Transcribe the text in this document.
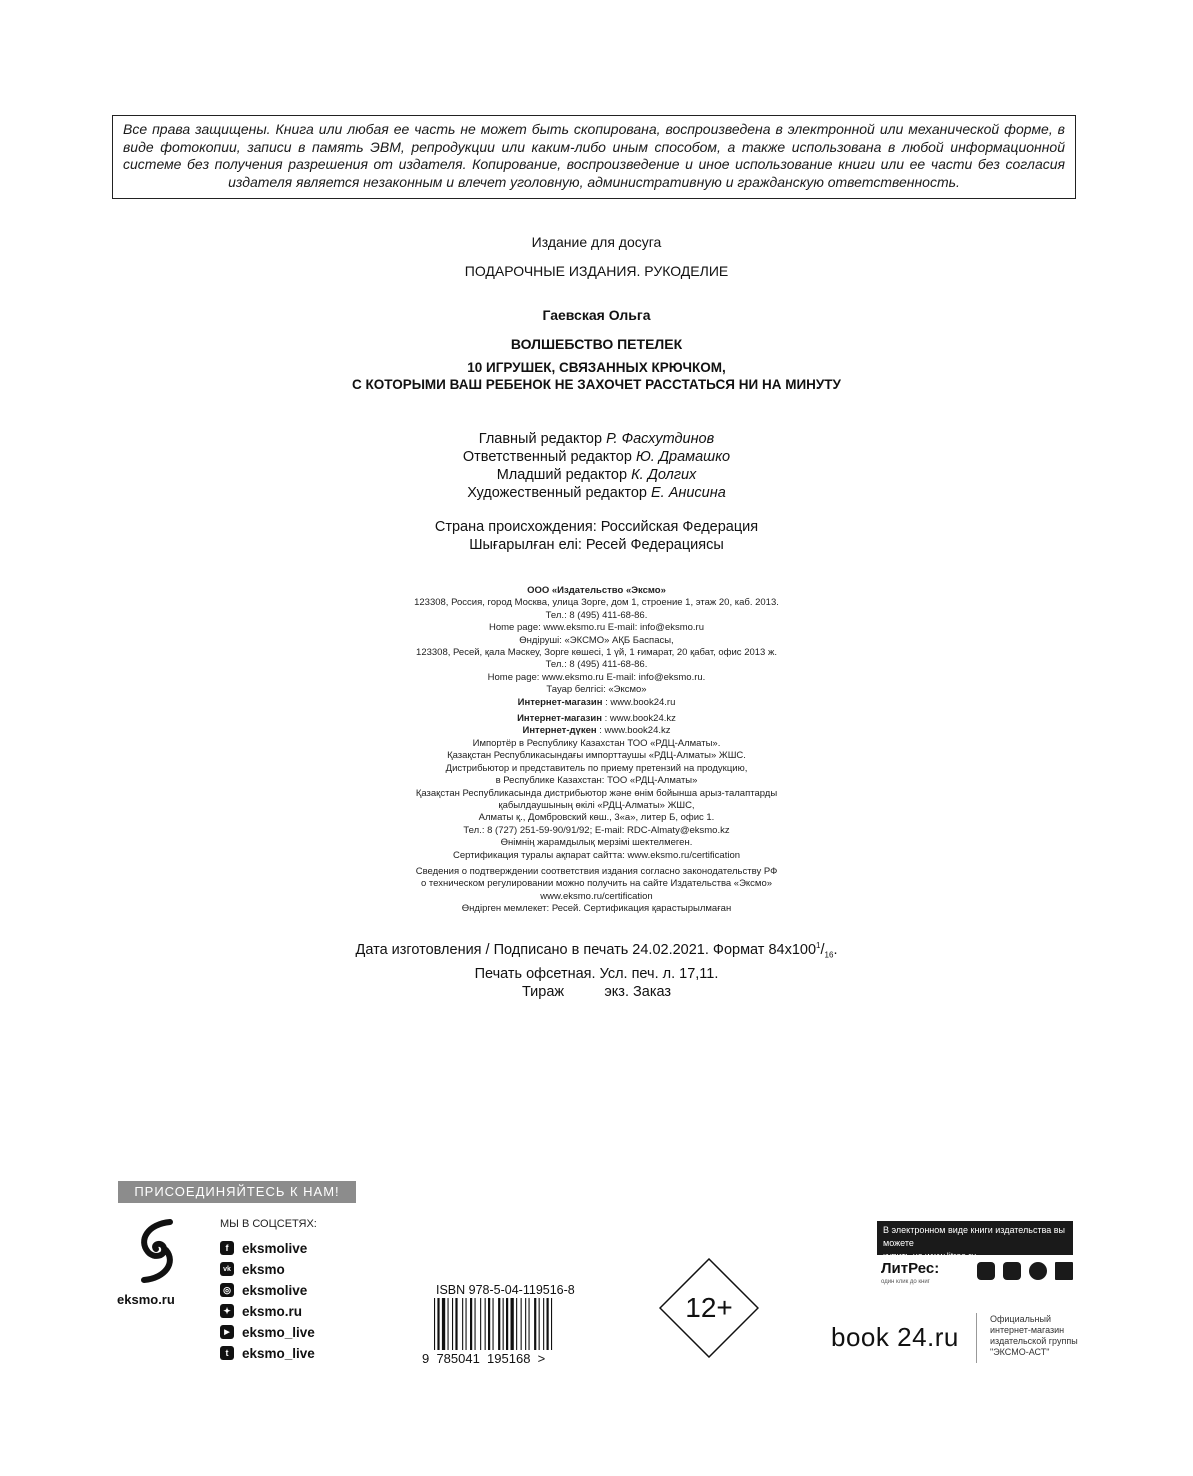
Все права защищены. Книга или любая ее часть не может быть скопирована, воспроизведена в электронной или механической форме, в виде фотокопии, записи в память ЭВМ, репродукции или каким-либо иным способом, а также использована в любой информационной системе без получения разрешения от издателя. Копирование, воспроизведение и иное использование книги или ее части без согласия издателя является незаконным и влечет уголовную, административную и гражданскую ответственность.

Издание для досуга
ПОДАРОЧНЫЕ ИЗДАНИЯ. РУКОДЕЛИЕ
Гаевская Ольга
ВОЛШЕБСТВО ПЕТЕЛЕК
10 ИГРУШЕК, СВЯЗАННЫХ КРЮЧКОМ,
С КОТОРЫМИ ВАШ РЕБЕНОК НЕ ЗАХОЧЕТ РАССТАТЬСЯ НИ НА МИНУТУ
Главный редактор Р. Фасхутдинов
Ответственный редактор Ю. Драмашко
Младший редактор К. Долгих
Художественный редактор Е. Анисина
Страна происхождения: Российская Федерация
Шығарылған елі: Ресей Федерациясы
ООО «Издательство «Эксмо»
123308, Россия, город Москва, улица Зорге, дом 1, строение 1, этаж 20, каб. 2013.
Тел.: 8 (495) 411-68-86.
Home page: www.eksmo.ru E-mail: info@eksmo.ru
Өндіруші: «ЭКСМО» АҚБ Баспасы,
123308, Ресей, қала Мәскеу, Зорге көшесі, 1 үй, 1 ғимарат, 20 қабат, офис 2013 ж.
Тел.: 8 (495) 411-68-86.
Home page: www.eksmo.ru E-mail: info@eksmo.ru.
Тауар белгісі: «Эксмо»
Интернет-магазин : www.book24.ru
Интернет-магазин : www.book24.kz
Интернет-дүкен : www.book24.kz
Импортёр в Республику Казахстан ТОО «РДЦ-Алматы».
Қазақстан Республикасындағы импорттаушы «РДЦ-Алматы» ЖШС.
Дистрибьютор и представитель по приему претензий на продукцию,
в Республике Казахстан: ТОО «РДЦ-Алматы»
Қазақстан Республикасында дистрибьютор және өнім бойынша арыз-талаптарды
қабылдаушының өкілі «РДЦ-Алматы» ЖШС,
Алматы қ., Домбровский көш., 3«а», литер Б, офис 1.
Тел.: 8 (727) 251-59-90/91/92; E-mail: RDC-Almaty@eksmo.kz
Өнімнің жарамдылық мерзімі шектелмеген.
Сертификация туралы ақпарат сайтта: www.eksmo.ru/certification
Сведения о подтверждении соответствия издания согласно законодательству РФ
о техническом регулировании можно получить на сайте Издательства «Эксмо»
www.eksmo.ru/certification
Өндірген мемлекет: Ресей. Сертификация қарастырылмаған
Дата изготовления / Подписано в печать 24.02.2021. Формат $84x100^1/_{16}$.
Печать офсетная. Усл. печ. л. 17,11.
Тираж          экз. Заказ
ПРИСОЕДИНЯЙТЕСЬ К НАМ!
eksmo.ru
МЫ В СОЦСЕТЯХ:
f	eksmolive
vk eksmo
◎ eksmolive
✦ eksmo.ru
▶ eksmo_live
t	eksmo_live
ISBN 978-5-04-119516-8
9  785041  195168  >
12+
В электронном виде книги издательства вы можете
купить на www.litres.ru
ЛитРес:
один клик до книг
book 24.ru
Официальный
интернет-магазин
издательской группы
"ЭКСМО-АСТ"
